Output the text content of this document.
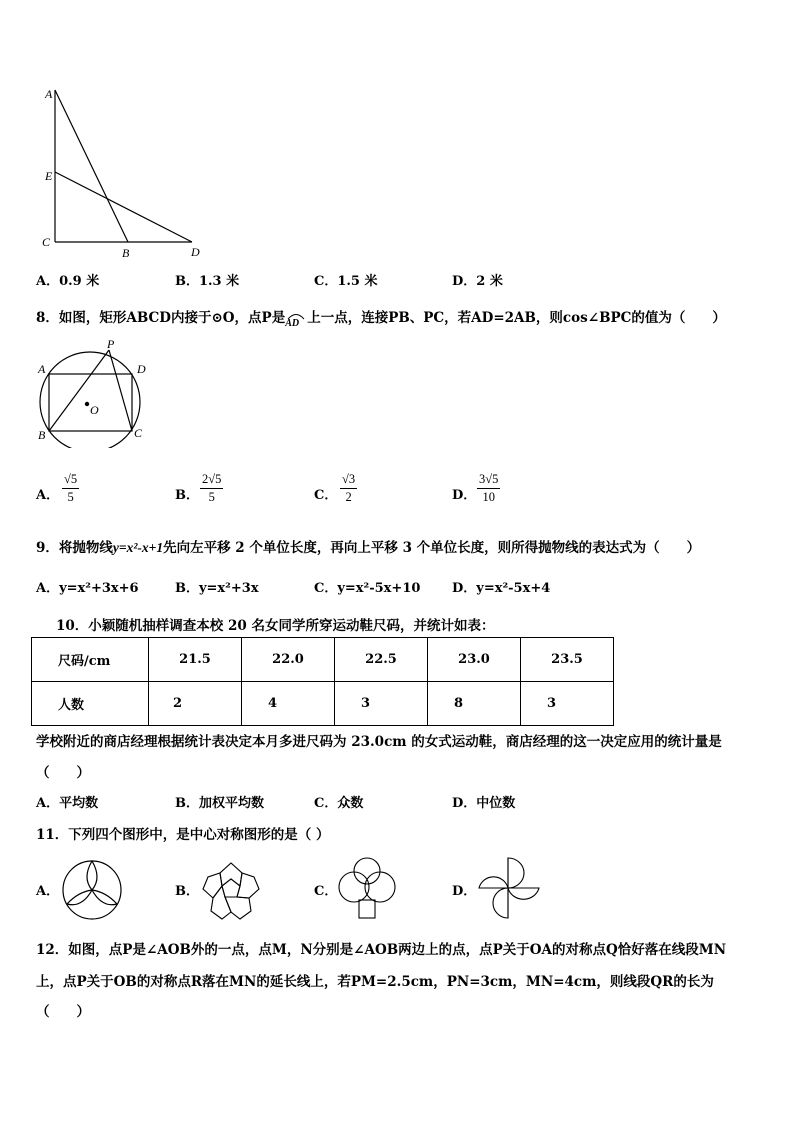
A
E
C
B	D
A．0.9 米	B．1.3 米	C．1.5 米	D．2 米
8．如图，矩形ABCD内接于⊙O，点P是
AD 上一点，连接PB、PC，若AD=2AB，则cos∠BPC的值为（　　）
P
A	D
O
B	C
A． $\frac{√5}{5}$	B． $\frac{2√5}{5}$	C． $\frac{√3}{2}$	D． $\frac{3√5}{10}$
9．将抛物线y=x²-x+1先向左平移 2 个单位长度，再向上平移 3 个单位长度，则所得抛物线的表达式为（　　）
A．y=x²+3x+6	B．y=x²+3x	C．y=x²-5x+10 D．y=x²-5x+4
10．小颖随机抽样调查本校 20 名女同学所穿运动鞋尺码，并统计如表：
尺码/cm	21.5	22.0	22.5	23.0	23.5
人数	2	4	3	8	3
学校附近的商店经理根据统计表决定本月多进尺码为 23.0cm 的女式运动鞋，商店经理的这一决定应用的统计量是
（　　）
A．平均数	B．加权平均数	C．众数	D．中位数
11．下列四个图形中，是中心对称图形的是（ ）
A．	B．	C．	D．
12．如图，点P是∠AOB外的一点，点M，N分别是∠AOB两边上的点，点P关于OA的对称点Q恰好落在线段MN
上，点P关于OB的对称点R落在MN的延长线上，若PM=2.5cm，PN=3cm，MN=4cm，则线段QR的长为
（　　）
